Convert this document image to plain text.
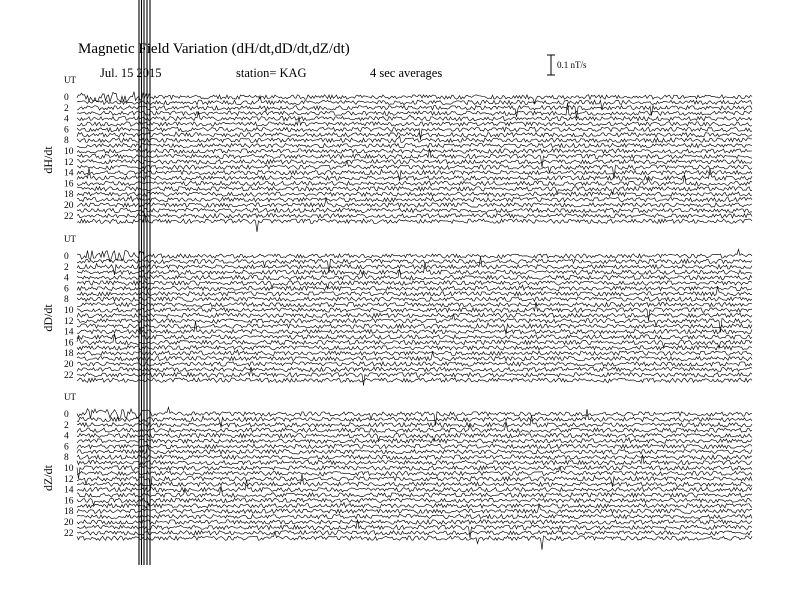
Magnetic Field Variation (dH/dt,dD/dt,dZ/dt)
Jul. 15 2015	station= KAG	4 sec averages
0.1 nT/s
UT
dH/dt
0
2
4
6
8
10
12
14
16
18
20
22
UT
dD/dt
0
2
4
6
8
10
12
14
16
18
20
22
UT
dZ/dt
0
2
4
6
8
10
12
14
16
18
20
22
